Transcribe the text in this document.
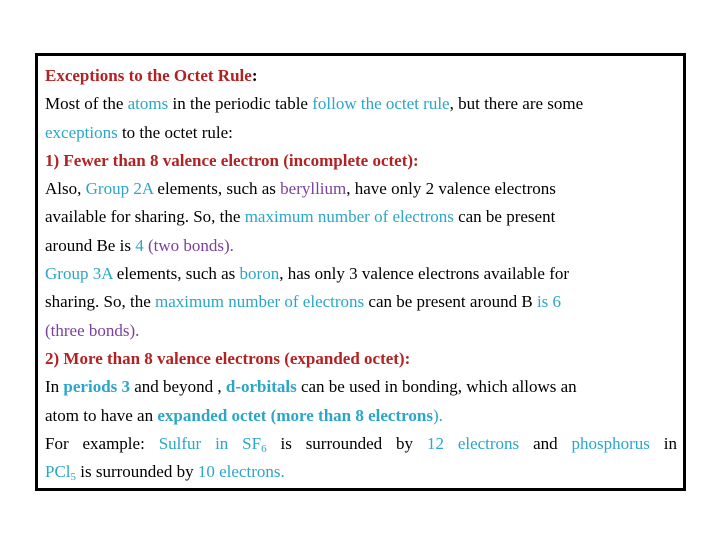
Exceptions to the Octet Rule:
Most of the atoms in the periodic table follow the octet rule, but there are some
exceptions to the octet rule:
1) Fewer than 8 valence electron (incomplete octet):
Also, Group 2A elements, such as beryllium, have only 2 valence electrons
available for sharing. So, the maximum number of electrons can be present
around Be is 4 (two bonds).
Group 3A elements, such as boron, has only 3 valence electrons available for
sharing. So, the maximum number of electrons can be present around B is 6
(three bonds).
2) More than 8 valence electrons (expanded octet):
In periods 3 and beyond , d-orbitals can be used in bonding, which allows an
atom to have an expanded octet (more than 8 electrons).
For example: Sulfur in $SF_6$ is surrounded by 12 electrons and phosphorus in
PCl$_5$ is surrounded by 10 electrons.
